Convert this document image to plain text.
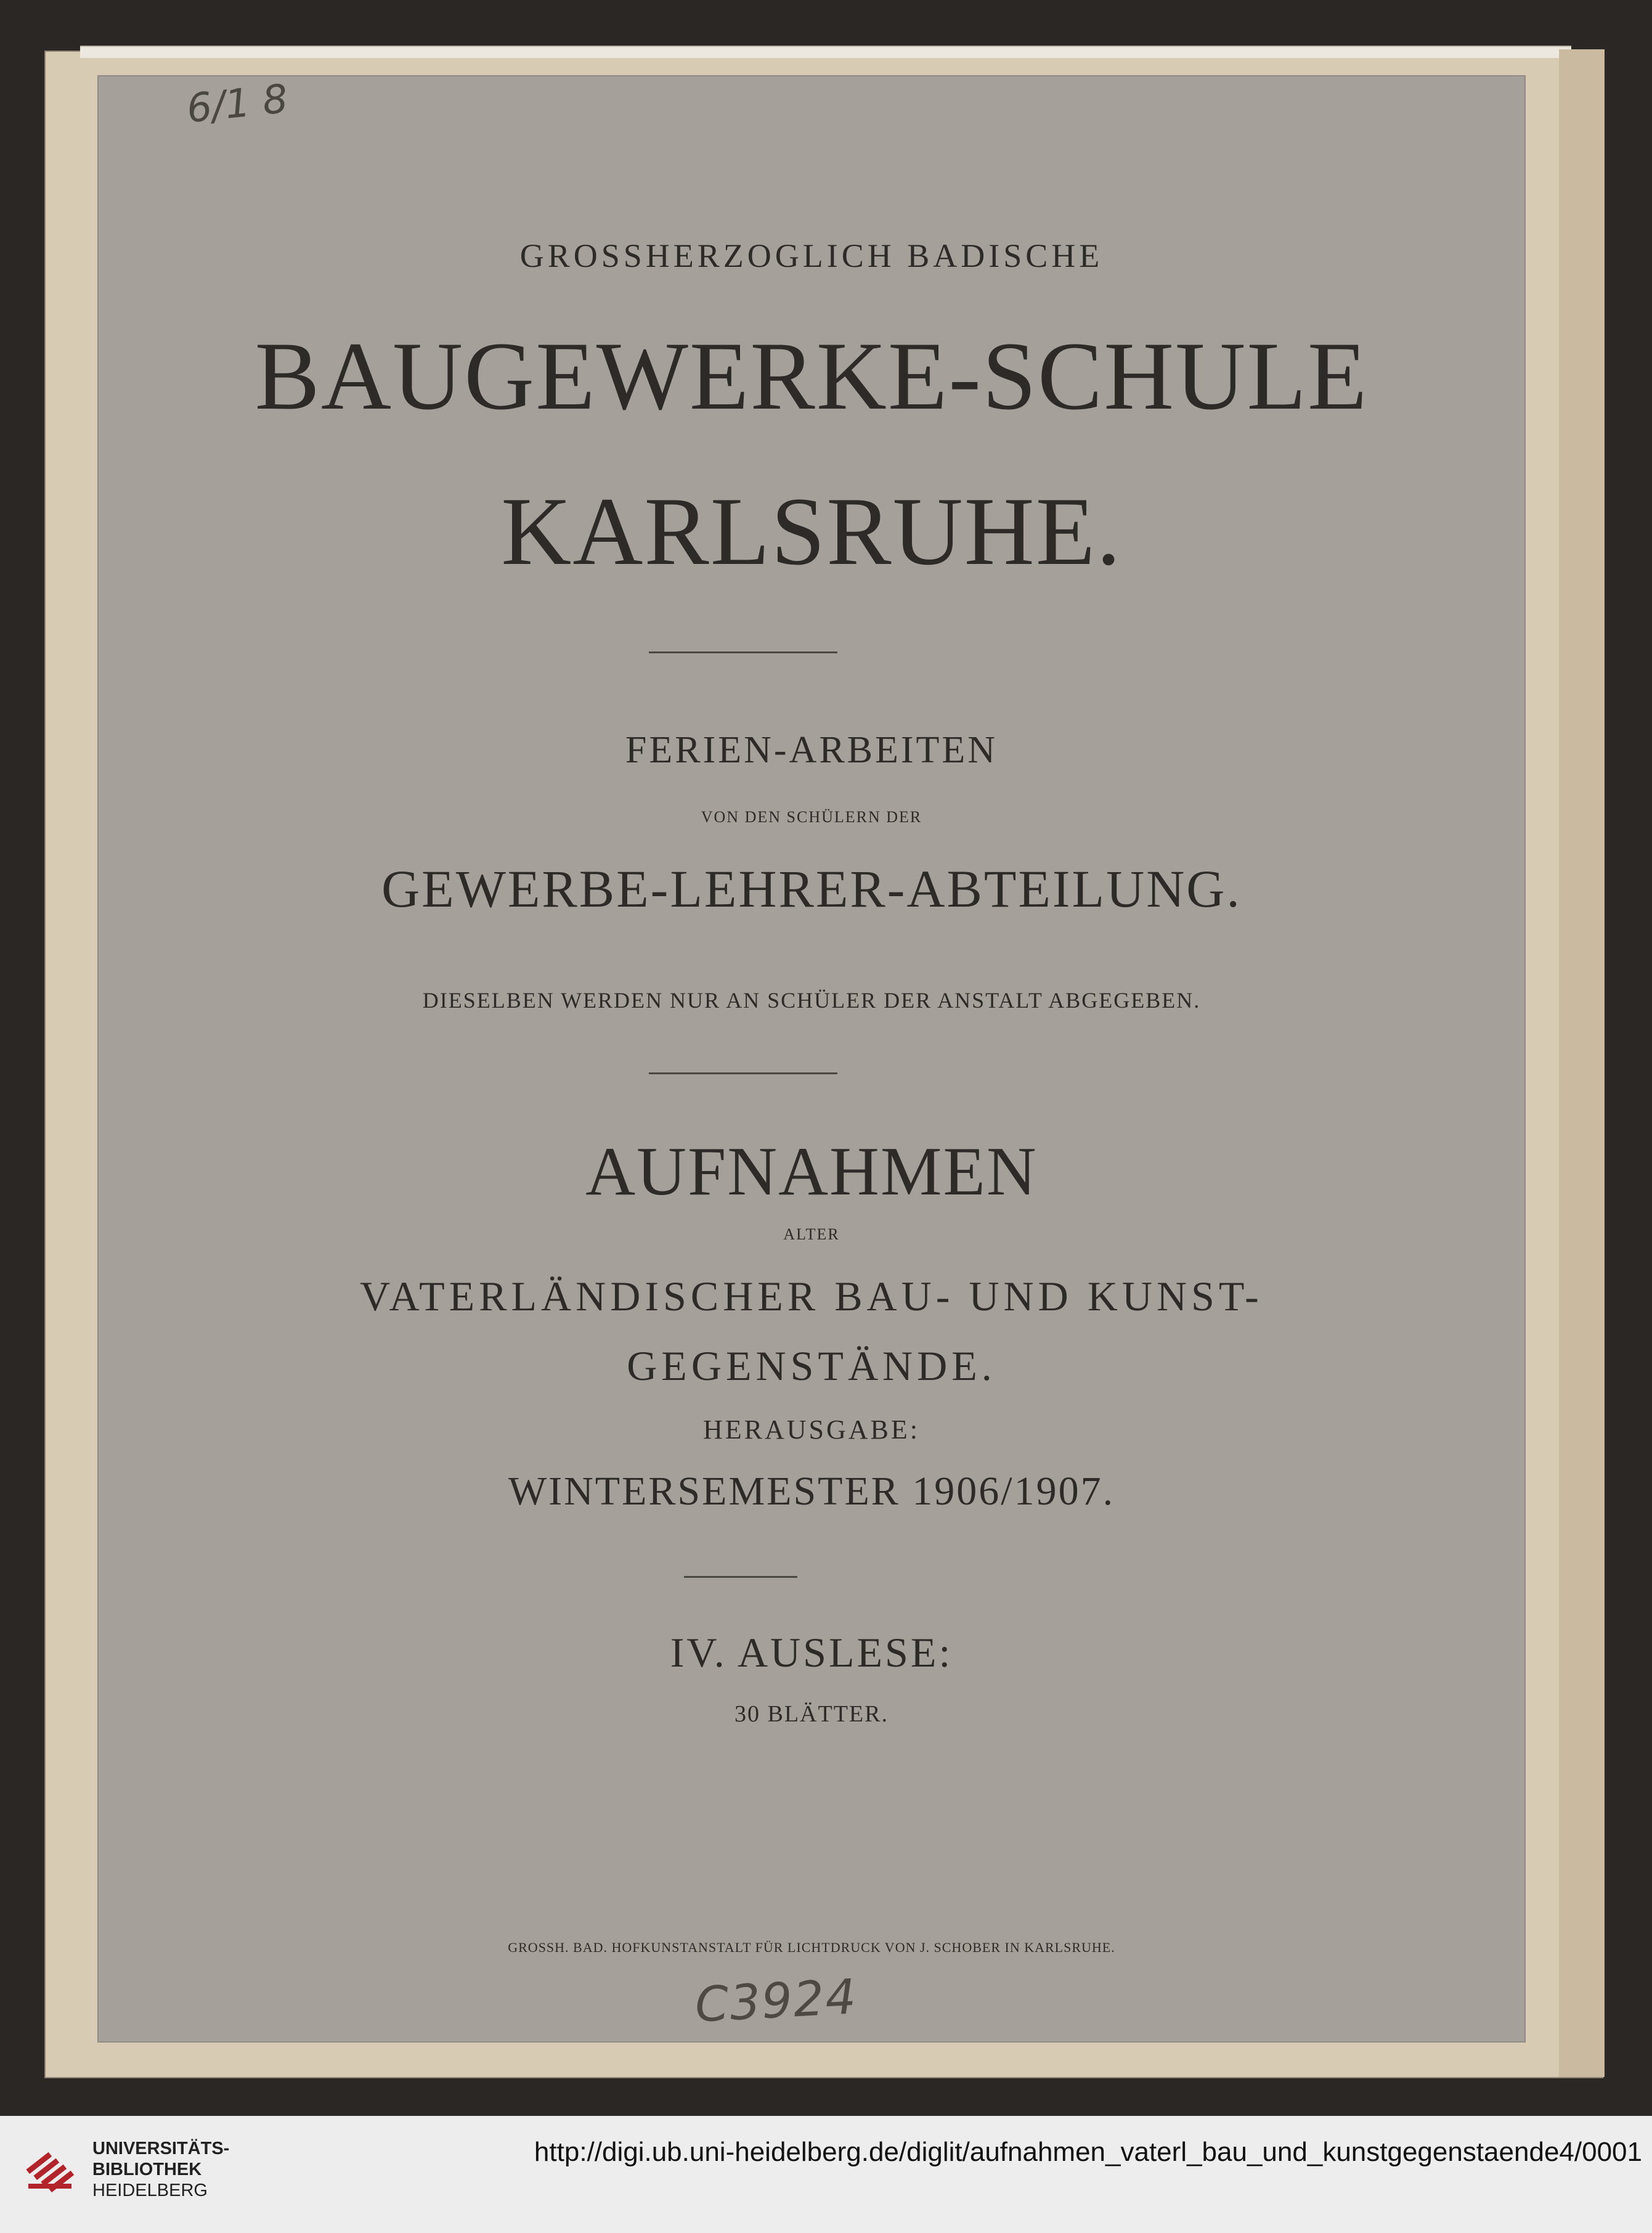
6/1 8
GROSSHERZOGLICH BADISCHE
BAUGEWERKE-SCHULE
KARLSRUHE.
FERIEN-ARBEITEN
VON DEN SCHÜLERN DER
GEWERBE-LEHRER-ABTEILUNG.
DIESELBEN WERDEN NUR AN SCHÜLER DER ANSTALT ABGEGEBEN.
AUFNAHMEN
ALTER
VATERLÄNDISCHER BAU- UND KUNST-
GEGENSTÄNDE.
HERAUSGABE:
WINTERSEMESTER 1906/1907.
IV. AUSLESE:
30 BLÄTTER.
GROSSH. BAD. HOFKUNSTANSTALT FÜR LICHTDRUCK VON J. SCHOBER IN KARLSRUHE.
C3924
UNIVERSITÄTS-
BIBLIOTHEK
HEIDELBERG
http://digi.ub.uni-heidelberg.de/diglit/aufnahmen_vaterl_bau_und_kunstgegenstaende4/0001
